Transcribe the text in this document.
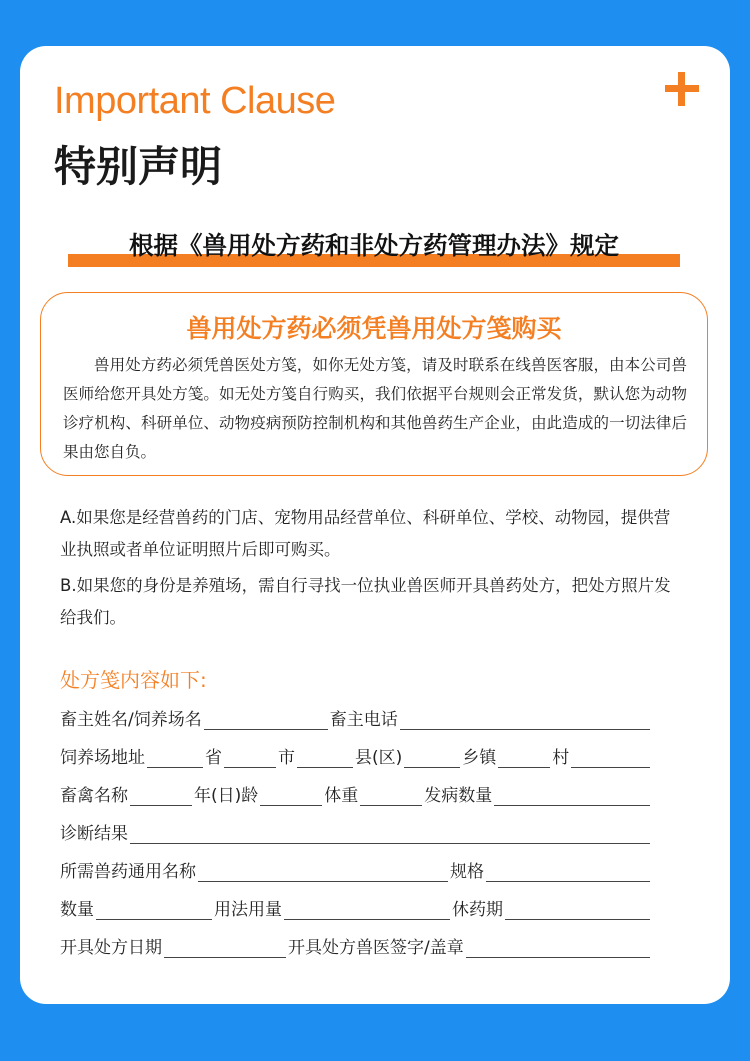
Important Clause
特别声明
根据《兽用处方药和非处方药管理办法》规定
兽用处方药必须凭兽用处方笺购买
兽用处方药必须凭兽医处方笺，如你无处方笺，请及时联系在线兽医客服，由本公司兽医师给您开具处方笺。如无处方笺自行购买，我们依据平台规则会正常发货，默认您为动物诊疗机构、科研单位、动物疫病预防控制机构和其他兽药生产企业，由此造成的一切法律后果由您自负。
A.如果您是经营兽药的门店、宠物用品经营单位、科研单位、学校、动物园，提供营业执照或者单位证明照片后即可购买。
B.如果您的身份是养殖场，需自行寻找一位执业兽医师开具兽药处方，把处方照片发给我们。
处方笺内容如下:
畜主姓名/饲养场名	畜主电话
饲养场地址	省	市	县(区)	乡镇	村
畜禽名称	年(日)龄	体重	发病数量
诊断结果
所需兽药通用名称	规格
数量	用法用量	休药期
开具处方日期	开具处方兽医签字/盖章
